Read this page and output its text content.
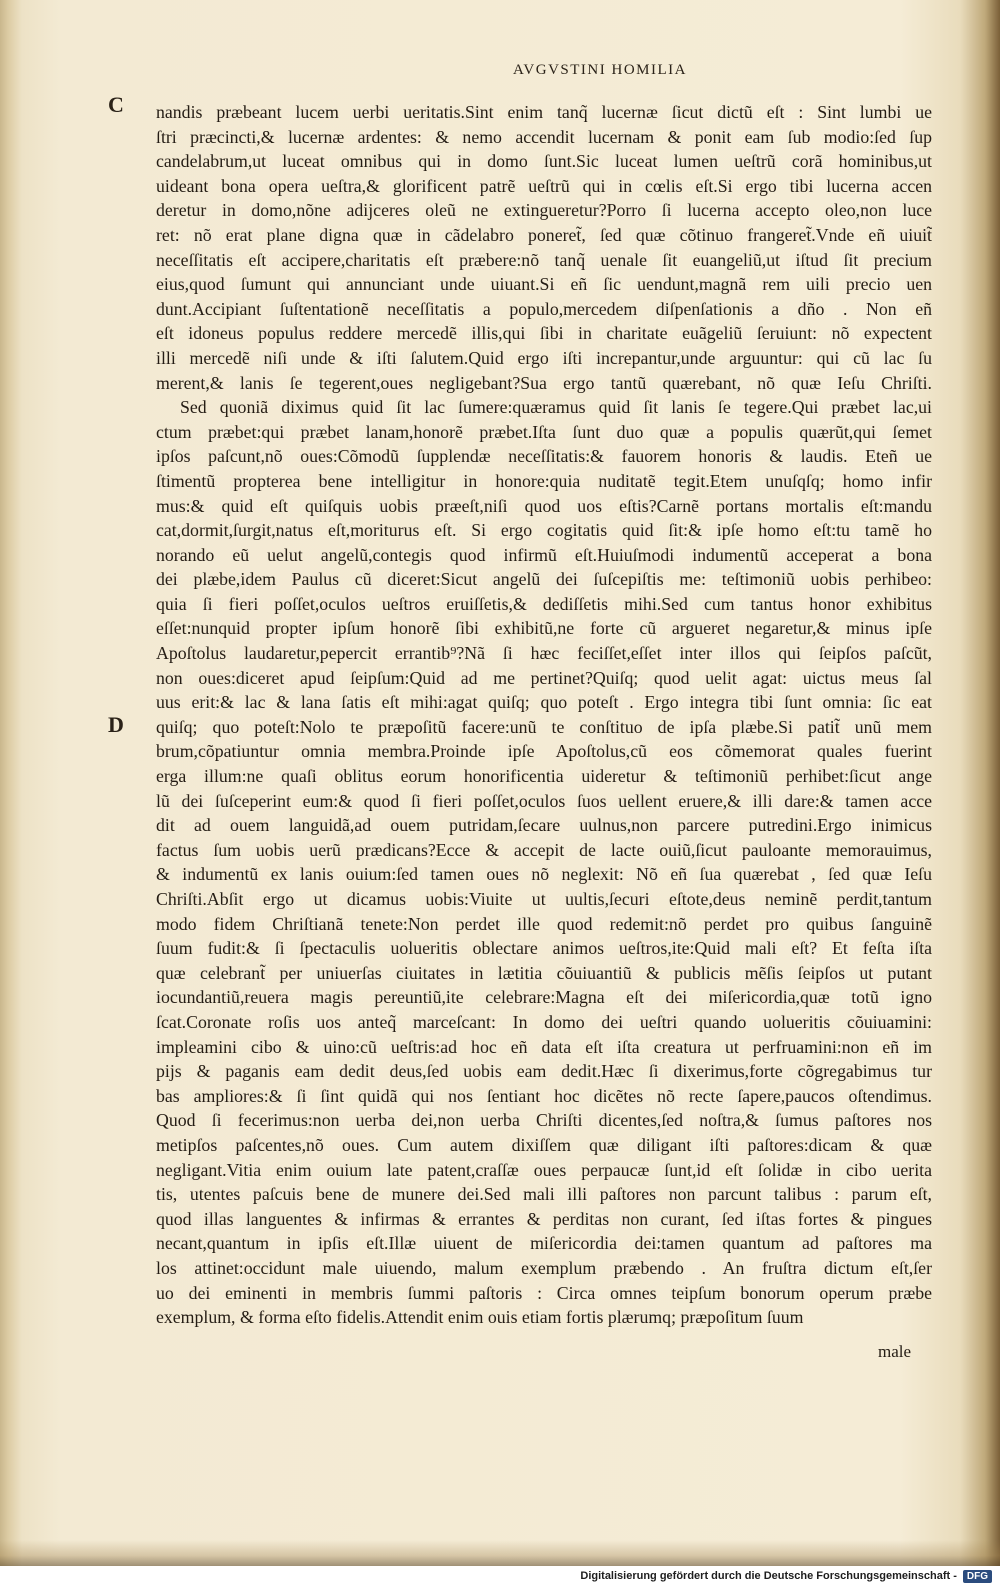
AVGVSTINI HOMILIA
C
D
nandis præbeant lucem uerbi ueritatis.Sint enim tanq̃ lucernæ ſicut dictũ eſt : Sint lumbi ue
ſtri præcincti,& lucernæ ardentes: & nemo accendit lucernam & ponit eam ſub modio:ſed ſup
candelabrum,ut luceat omnibus qui in domo ſunt.Sic luceat lumen ueſtrũ corã hominibus,ut
uideant bona opera ueſtra,& glorificent patrẽ ueſtrũ qui in cœlis eſt.Si ergo tibi lucerna accen
deretur in domo,nõne adijceres oleũ ne extingueretur?Porro ſi lucerna accepto oleo,non luce
ret: nõ erat plane digna quæ in cãdelabro poneret̃, ſed quæ cõtinuo frangeret̃.Vnde eñ uiuit̃
neceſſitatis eſt accipere,charitatis eſt præbere:nõ tanq̃ uenale ſit euangeliũ,ut iſtud ſit precium
eius,quod ſumunt qui annunciant unde uiuant.Si eñ ſic uendunt,magnã rem uili precio uen
dunt.Accipiant ſuſtentationẽ neceſſitatis a populo,mercedem diſpenſationis a dño . Non eñ
eſt idoneus populus reddere mercedẽ illis,qui ſibi in charitate euãgeliũ ſeruiunt: nõ expectent
illi mercedẽ niſi unde & iſti ſalutem.Quid ergo iſti increpantur,unde arguuntur: qui cũ lac ſu
merent,& lanis ſe tegerent,oues negligebant?Sua ergo tantũ quærebant, nõ quæ Ieſu Chriſti.
Sed quoniã diximus quid ſit lac ſumere:quæramus quid ſit lanis ſe tegere.Qui præbet lac,ui
ctum præbet:qui præbet lanam,honorẽ præbet.Iſta ſunt duo quæ a populis quærũt,qui ſemet
ipſos paſcunt,nõ oues:Cõmodũ ſupplendæ neceſſitatis:& fauorem honoris & laudis. Eteñ ue
ſtimentũ propterea bene intelligitur in honore:quia nuditatẽ tegit.Etem unuſqſq; homo infir
mus:& quid eſt quiſquis uobis præeſt,niſi quod uos eſtis?Carnẽ portans mortalis eſt:mandu
cat,dormit,ſurgit,natus eſt,moriturus eſt. Si ergo cogitatis quid ſit:& ipſe homo eſt:tu tamẽ ho
norando eũ uelut angelũ,contegis quod infirmũ eſt.Huiuſmodi indumentũ acceperat a bona
dei plæbe,idem Paulus cũ diceret:Sicut angelũ dei ſuſcepiſtis me: teſtimoniũ uobis perhibeo:
quia ſi fieri poſſet,oculos ueſtros eruiſſetis,& dediſſetis mihi.Sed cum tantus honor exhibitus
eſſet:nunquid propter ipſum honorẽ ſibi exhibitũ,ne forte cũ argueret negaretur,& minus ipſe
Apoſtolus laudaretur,pepercit errantib⁹?Nã ſi hæc feciſſet,eſſet inter illos qui ſeipſos paſcũt,
non oues:diceret apud ſeipſum:Quid ad me pertinet?Quiſq; quod uelit agat: uictus meus ſal
uus erit:& lac & lana ſatis eſt mihi:agat quiſq; quo poteſt . Ergo integra tibi ſunt omnia: ſic eat
quiſq; quo poteſt:Nolo te præpoſitũ facere:unũ te conſtituo de ipſa plæbe.Si patit̃ unũ mem
brum,cõpatiuntur omnia membra.Proinde ipſe Apoſtolus,cũ eos cõmemorat quales fuerint
erga illum:ne quaſi oblitus eorum honorificentia uideretur & teſtimoniũ perhibet:ſicut ange
lũ dei ſuſceperint eum:& quod ſi fieri poſſet,oculos ſuos uellent eruere,& illi dare:& tamen acce
dit ad ouem languidã,ad ouem putridam,ſecare uulnus,non parcere putredini.Ergo inimicus
factus ſum uobis uerũ prædicans?Ecce & accepit de lacte ouiũ,ſicut pauloante memorauimus,
& indumentũ ex lanis ouium:ſed tamen oues nõ neglexit: Nõ eñ ſua quærebat , ſed quæ Ieſu
Chriſti.Abſit ergo ut dicamus uobis:Viuite ut uultis,ſecuri eſtote,deus neminẽ perdit,tantum
modo fidem Chriſtianã tenete:Non perdet ille quod redemit:nõ perdet pro quibus ſanguinẽ
ſuum fudit:& ſi ſpectaculis uolueritis oblectare animos ueſtros,ite:Quid mali eſt? Et feſta iſta
quæ celebrant̃ per uniuerſas ciuitates in lætitia cõuiuantiũ & publicis mẽſis ſeipſos ut putant
iocundantiũ,reuera magis pereuntiũ,ite celebrare:Magna eſt dei miſericordia,quæ totũ igno
ſcat.Coronate roſis uos anteq̃ marceſcant: In domo dei ueſtri quando uolueritis cõuiuamini:
impleamini cibo & uino:cũ ueſtris:ad hoc eñ data eſt iſta creatura ut perfruamini:non eñ im
pijs & paganis eam dedit deus,ſed uobis eam dedit.Hæc ſi dixerimus,forte cõgregabimus tur
bas ampliores:& ſi ſint quidã qui nos ſentiant hoc dicẽtes nõ recte ſapere,paucos oſtendimus.
Quod ſi fecerimus:non uerba dei,non uerba Chriſti dicentes,ſed noſtra,& ſumus paſtores nos
metipſos paſcentes,nõ oues. Cum autem dixiſſem quæ diligant iſti paſtores:dicam & quæ
negligant.Vitia enim ouium late patent,craſſæ oues perpaucæ ſunt,id eſt ſolidæ in cibo uerita
tis, utentes paſcuis bene de munere dei.Sed mali illi paſtores non parcunt talibus : parum eſt,
quod illas languentes & infirmas & errantes & perditas non curant, ſed iſtas fortes & pingues
necant,quantum in ipſis eſt.Illæ uiuent de miſericordia dei:tamen quantum ad paſtores ma
los attinet:occidunt male uiuendo, malum exemplum præbendo . An fruſtra dictum eſt,ſer
uo dei eminenti in membris ſummi paſtoris : Circa omnes teipſum bonorum operum præbe
exemplum, & forma eſto fidelis.Attendit enim ouis etiam fortis plærumq; præpoſitum ſuum
male
Digitalisierung gefördert durch die Deutsche Forschungsgemeinschaft -	DFG
